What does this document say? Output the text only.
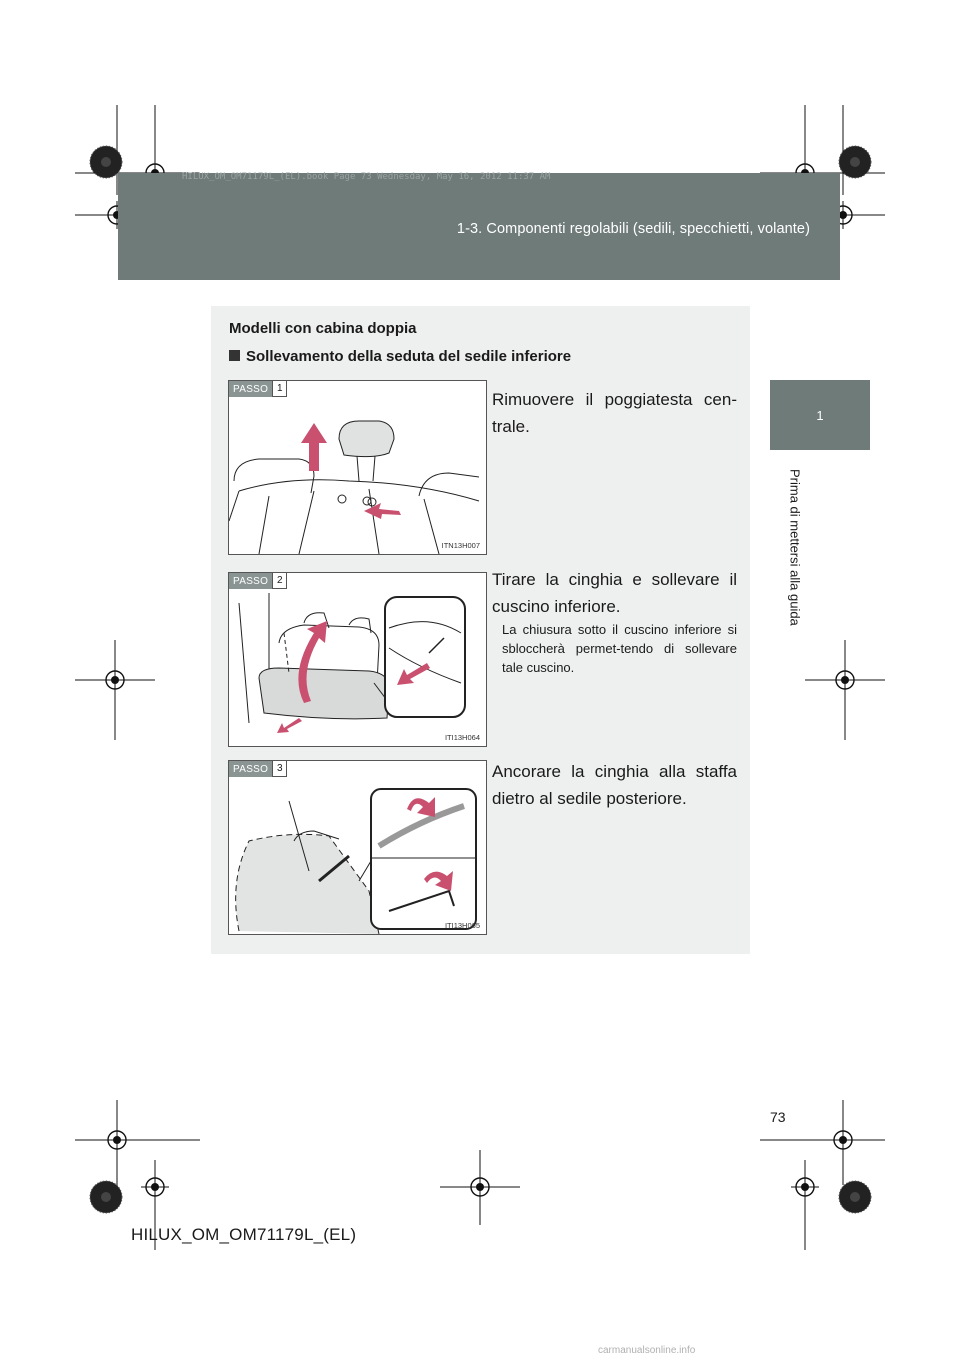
HILUX_OM_OM71179L_(EL).book Page 73 Wednesday, May 16, 2012 11:37 AM
1-3. Componenti regolabili (sedili, specchietti, volante)
1
Prima di mettersi alla guida
Modelli con cabina doppia
Sollevamento della seduta del sedile inferiore
PASSO 1
ITN13H007
Rimuovere il poggiatesta cen-trale.
PASSO 2
ITI13H064
Tirare la cinghia e sollevare il cuscino inferiore.
La chiusura sotto il cuscino inferiore si sbloccherà permet-tendo di sollevare tale cuscino.
PASSO 3
ITI13H065
Ancorare la cinghia alla staffa dietro al sedile posteriore.
73
HILUX_OM_OM71179L_(EL)
carmanualsonline.info
